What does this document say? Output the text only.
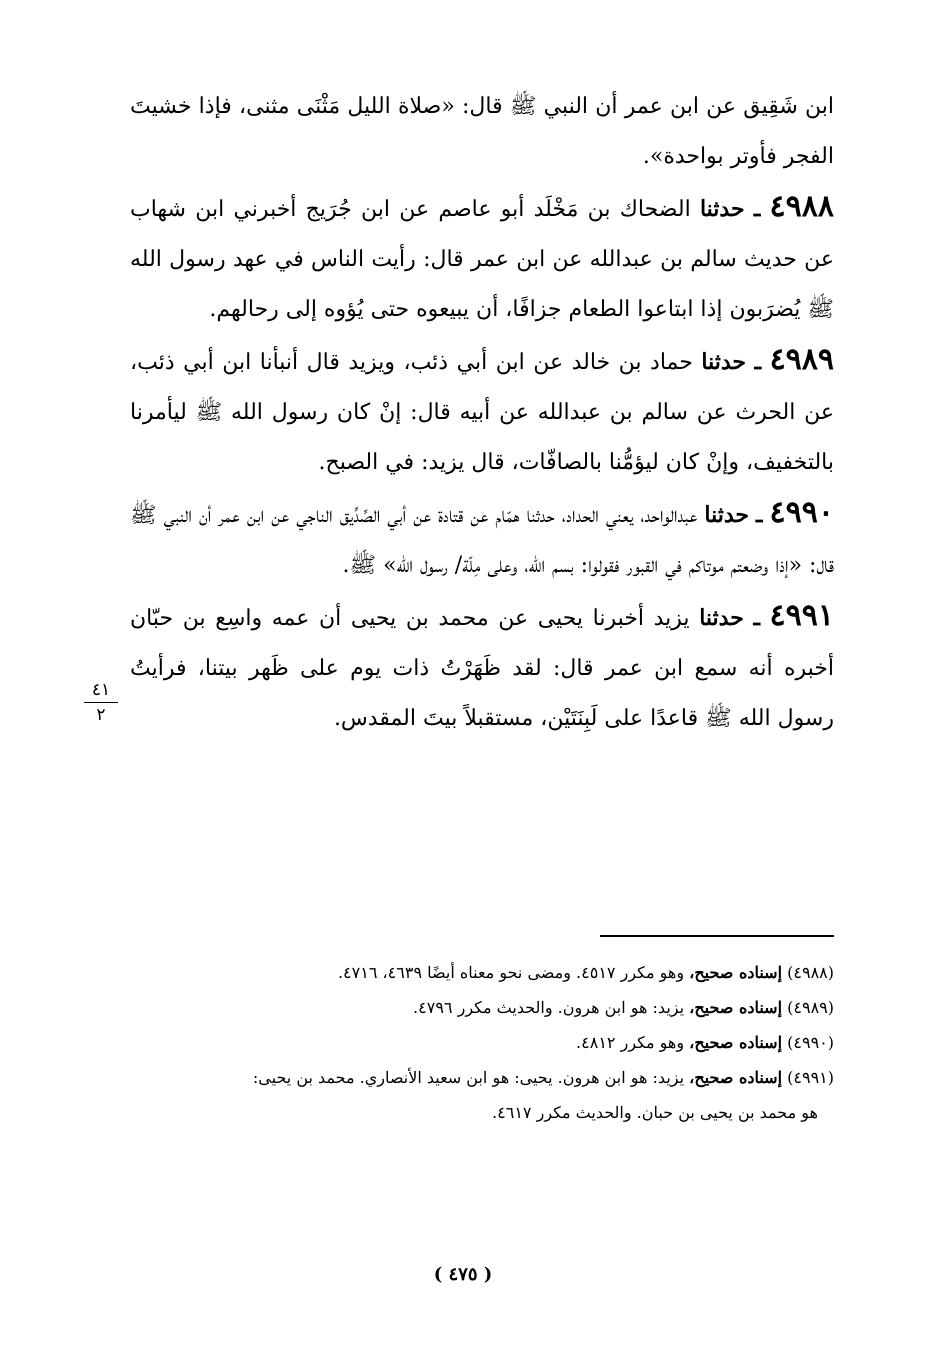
ابن شَقِيق عن ابن عمر أن النبي ﷺ قال: «صلاة الليل مَثْنَى مثنى، فإذا خشيتَ الفجر فأوتر بواحدة».

٤٩٨٨ ـ حدثنا الضحاك بن مَخْلَد أبو عاصم عن ابن جُرَيج أخبرني ابن شهاب عن حديث سالم بن عبدالله عن ابن عمر قال: رأيت الناس في عهد رسول الله ﷺ يُضرَبون إذا ابتاعوا الطعام جزافًا، أن يبيعوه حتى يُؤوه إلى رحالهم.

٤٩٨٩ ـ حدثنا حماد بن خالد عن ابن أبي ذئب، ويزيد قال أنبأنا ابن أبي ذئب، عن الحرث عن سالم بن عبدالله عن أبيه قال: إنْ كان رسول الله ﷺ ليأمرنا بالتخفيف، وإنْ كان ليؤمُّنا بالصافّات، قال يزيد: في الصبح.

٤٩٩٠ ـ حدثنا عبدالواحد، يعني الحداد، حدثنا همّام عن قتادة عن أبي الصِّدِّيق الناجي عن ابن عمر أن النبي ﷺ قال: «إذا وضعتم موتاكم في القبور فقولوا: بسم الله، وعلى مِلّة/ رسول الله» ﷺ.

٤٩٩١ ـ حدثنا يزيد أخبرنا يحيى عن محمد بن يحيى أن عمه واسِع بن حبّان أخبره أنه سمع ابن عمر قال: لقد ظَهَرْتُ ذات يوم على ظَهر بيتنا، فرأيتُ رسول الله ﷺ قاعدًا على لَبِنَتَيْن، مستقبلاً بيتَ المقدس.

٤١
٢

(٤٩٨٨) إسناده صحيح، وهو مكرر ٤٥١٧. ومضى نحو معناه أيضًا ٤٦٣٩، ٤٧١٦.

(٤٩٨٩) إسناده صحيح، يزيد: هو ابن هرون. والحديث مكرر ٤٧٩٦.

(٤٩٩٠) إسناده صحيح، وهو مكرر ٤٨١٢.

(٤٩٩١) إسناده صحيح، يزيد: هو ابن هرون. يحيى: هو ابن سعيد الأنصاري. محمد بن يحيى:
هو محمد بن يحيى بن حبان. والحديث مكرر ٤٦١٧.

( ٤٧٥ )
